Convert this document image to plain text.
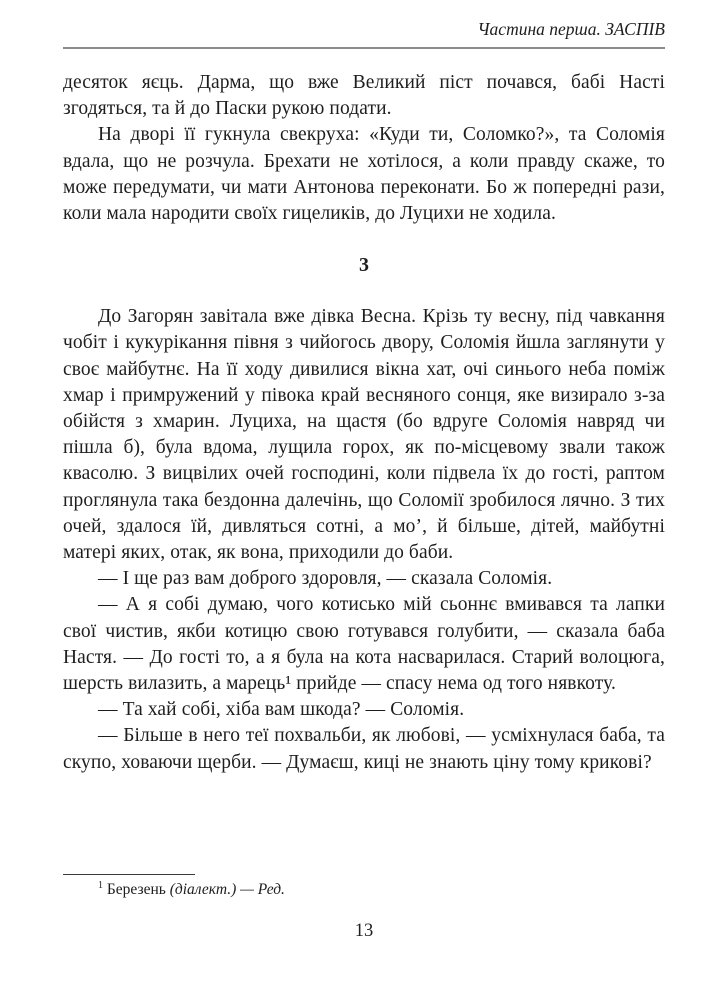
Частина перша. ЗАСПІВ

десяток яєць. Дарма, що вже Великий піст почався, бабі Насті згодяться, та й до Паски рукою подати.

На дворі її гукнула свекруха: «Куди ти, Соломко?», та Соломія вдала, що не розчула. Брехати не хотілося, а коли правду скаже, то може передумати, чи мати Антонова переконати. Бо ж попередні рази, коли мала народити своїх гицеликів, до Луцихи не ходила.

3

До Загорян завітала вже дівка Весна. Крізь ту весну, під чавкання чобіт і кукурікання півня з чийогось двору, Соломія йшла заглянути у своє майбутнє. На її ходу дивилися вікна хат, очі синього неба поміж хмар і примружений у півока край весняного сонця, яке визирало з-за обійстя з хмарин. Луциха, на щастя (бо вдруге Соломія навряд чи пішла б), була вдома, лущила горох, як по-місцевому звали також квасолю. З вицвілих очей господині, коли підвела їх до гості, раптом проглянула така бездонна далечінь, що Соломії зробилося лячно. З тих очей, здалося їй, дивляться сотні, а мо’, й більше, дітей, майбутні матері яких, отак, як вона, приходили до баби.

— І ще раз вам доброго здоровля, — сказала Соломія.

— А я собі думаю, чого котисько мій сьоннє вмивався та лапки свої чистив, якби котицю свою готувався голубити, — сказала баба Настя. — До гості то, а я була на кота насварилася. Старий волоцюга, шерсть вилазить, а марець¹ прийде — спасу нема од того нявкоту.

— Та хай собі, хіба вам шкода? — Соломія.

— Більше в него теї похвальби, як любові, — усміхнулася баба, та скупо, ховаючи щерби. — Думаєш, киці не знають ціну тому крикові?

$^1$ Березень (діалект.) — Ред.

13
